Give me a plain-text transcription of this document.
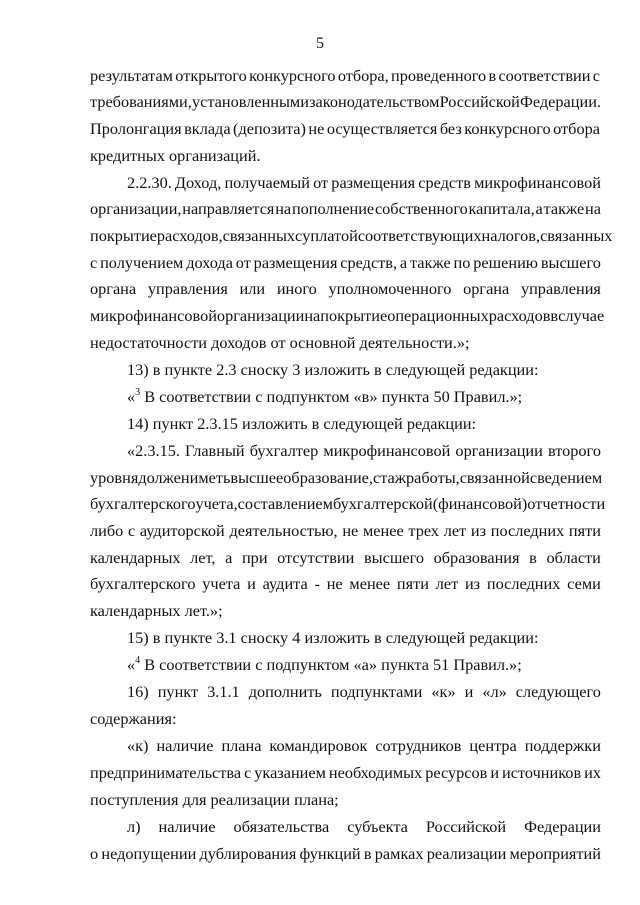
5
результатам открытого конкурсного отбора, проведенного в соответствии с
требованиями, установленными законодательством Российской Федерации.
Пролонгация вклада (депозита) не осуществляется без конкурсного отбора
кредитных организаций.
2.2.30. Доход, получаемый от размещения средств микрофинансовой
организации, направляется на пополнение собственного капитала, а также на
покрытие расходов, связанных с уплатой соответствующих налогов, связанных
с получением дохода от размещения средств, а также по решению высшего
органа управления или иного уполномоченного органа управления
микрофинансовой организации на покрытие операционных расходов в случае
недостаточности доходов от основной деятельности.»;
13) в пункте 2.3 сноску 3 изложить в следующей редакции:
«$^3$ В соответствии с подпунктом «в» пункта 50 Правил.»;
14) пункт 2.3.15 изложить в следующей редакции:
«2.3.15. Главный бухгалтер микрофинансовой организации второго
уровня должен иметь высшее образование, стаж работы, связанной с ведением
бухгалтерского учета, составлением бухгалтерской (финансовой) отчетности
либо с аудиторской деятельностью, не менее трех лет из последних пяти
календарных лет, а при отсутствии высшего образования в области
бухгалтерского учета и аудита - не менее пяти лет из последних семи
календарных лет.»;
15) в пункте 3.1 сноску 4 изложить в следующей редакции:
«$^4$ В соответствии с подпунктом «а» пункта 51 Правил.»;
16) пункт 3.1.1 дополнить подпунктами «к» и «л» следующего
содержания:
«к) наличие плана командировок сотрудников центра поддержки
предпринимательства с указанием необходимых ресурсов и источников их
поступления для реализации плана;
л) наличие обязательства субъекта Российской Федерации
о недопущении дублирования функций в рамках реализации мероприятий
